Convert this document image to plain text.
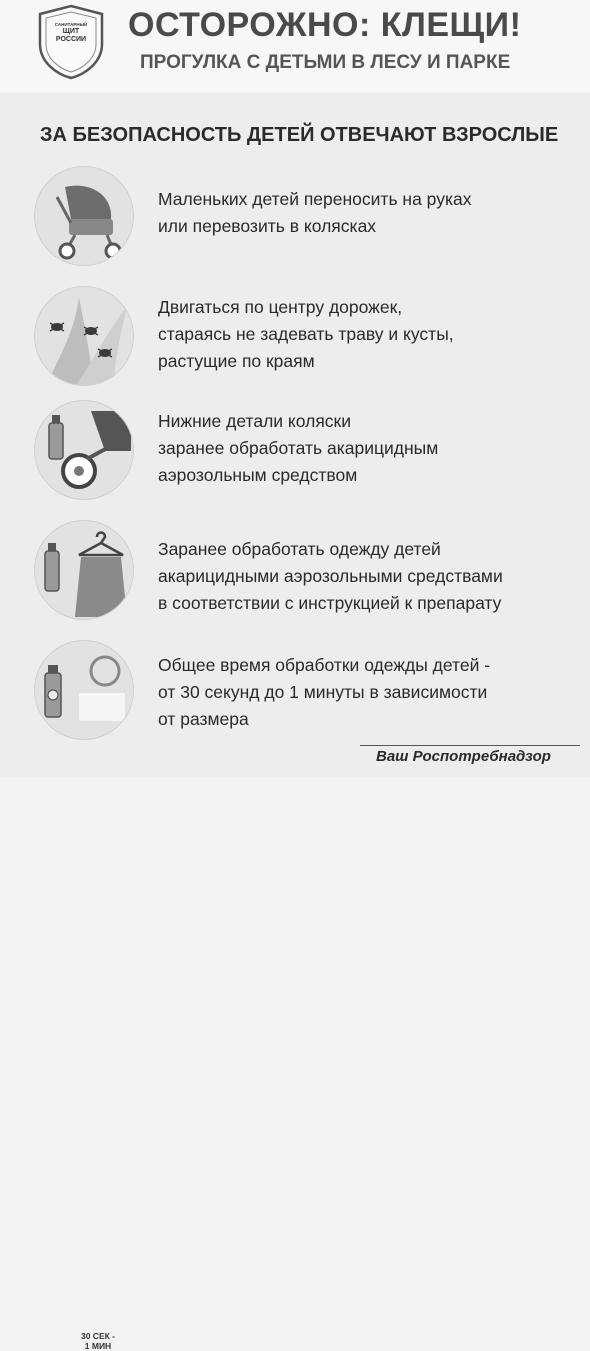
САНИТАРНЫЙ
ЩИТ
РОССИИ	ОСТОРОЖНО: КЛЕЩИ!
ПРОГУЛКА С ДЕТЬМИ В ЛЕСУ И ПАРКЕ
ЗА БЕЗОПАСНОСТЬ ДЕТЕЙ ОТВЕЧАЮТ ВЗРОСЛЫЕ
Маленьких детей переносить на руках
или перевозить в колясках
Двигаться по центру дорожек,
стараясь не задевать траву и кусты,
растущие по краям
Нижние детали коляски
заранее обработать акарицидным
аэрозольным средством
Заранее обработать одежду детей
акарицидными аэрозольными средствами
в соответствии с инструкцией к препарату
30 СЕК -
1 МИН
Общее время обработки одежды детей -
от 30 секунд до 1 минуты в зависимости
от размера
Ваш Роспотребнадзор
